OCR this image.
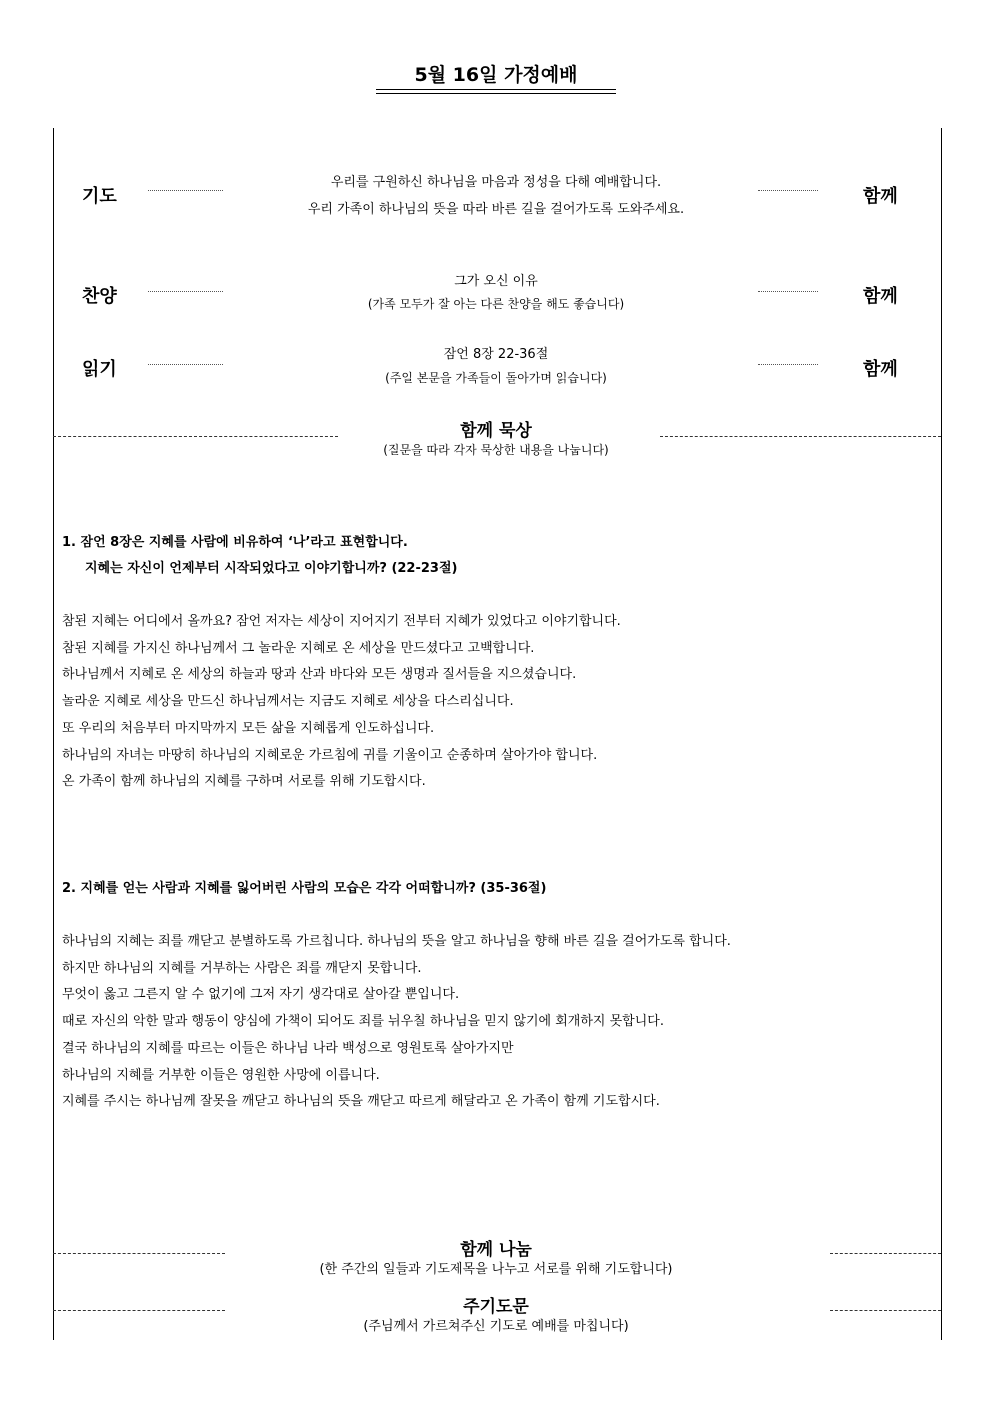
5월 16일 가정예배
기도
우리를 구원하신 하나님을 마음과 정성을 다해 예배합니다.
우리 가족이 하나님의 뜻을 따라 바른 길을 걸어가도록 도와주세요.
함께
찬양
그가 오신 이유
(가족 모두가 잘 아는 다른 찬양을 해도 좋습니다)	함께
읽기
잠언 8장 22-36절
(주일 본문을 가족들이 돌아가며 읽습니다)	함께
함께 묵상
(질문을 따라 각자 묵상한 내용을 나눕니다)
1. 잠언 8장은 지혜를 사람에 비유하여 ‘나’라고 표현합니다.
지혜는 자신이 언제부터 시작되었다고 이야기합니까? (22-23절)
참된 지혜는 어디에서 올까요? 잠언 저자는 세상이 지어지기 전부터 지혜가 있었다고 이야기합니다.
참된 지혜를 가지신 하나님께서 그 놀라운 지혜로 온 세상을 만드셨다고 고백합니다.
하나님께서 지혜로 온 세상의 하늘과 땅과 산과 바다와 모든 생명과 질서들을 지으셨습니다.
놀라운 지혜로 세상을 만드신 하나님께서는 지금도 지혜로 세상을 다스리십니다.
또 우리의 처음부터 마지막까지 모든 삶을 지혜롭게 인도하십니다.
하나님의 자녀는 마땅히 하나님의 지혜로운 가르침에 귀를 기울이고 순종하며 살아가야 합니다.
온 가족이 함께 하나님의 지혜를 구하며 서로를 위해 기도합시다.
2. 지혜를 얻는 사람과 지혜를 잃어버린 사람의 모습은 각각 어떠합니까? (35-36절)
하나님의 지혜는 죄를 깨닫고 분별하도록 가르칩니다. 하나님의 뜻을 알고 하나님을 향해 바른 길을 걸어가도록 합니다.
하지만 하나님의 지혜를 거부하는 사람은 죄를 깨닫지 못합니다.
무엇이 옳고 그른지 알 수 없기에 그저 자기 생각대로 살아갈 뿐입니다.
때로 자신의 악한 말과 행동이 양심에 가책이 되어도 죄를 뉘우칠 하나님을 믿지 않기에 회개하지 못합니다.
결국 하나님의 지혜를 따르는 이들은 하나님 나라 백성으로 영원토록 살아가지만
하나님의 지혜를 거부한 이들은 영원한 사망에 이릅니다.
지혜를 주시는 하나님께 잘못을 깨닫고 하나님의 뜻을 깨닫고 따르게 해달라고 온 가족이 함께 기도합시다.
함께 나눔
(한 주간의 일들과 기도제목을 나누고 서로를 위해 기도합니다)
주기도문
(주님께서 가르쳐주신 기도로 예배를 마칩니다)
